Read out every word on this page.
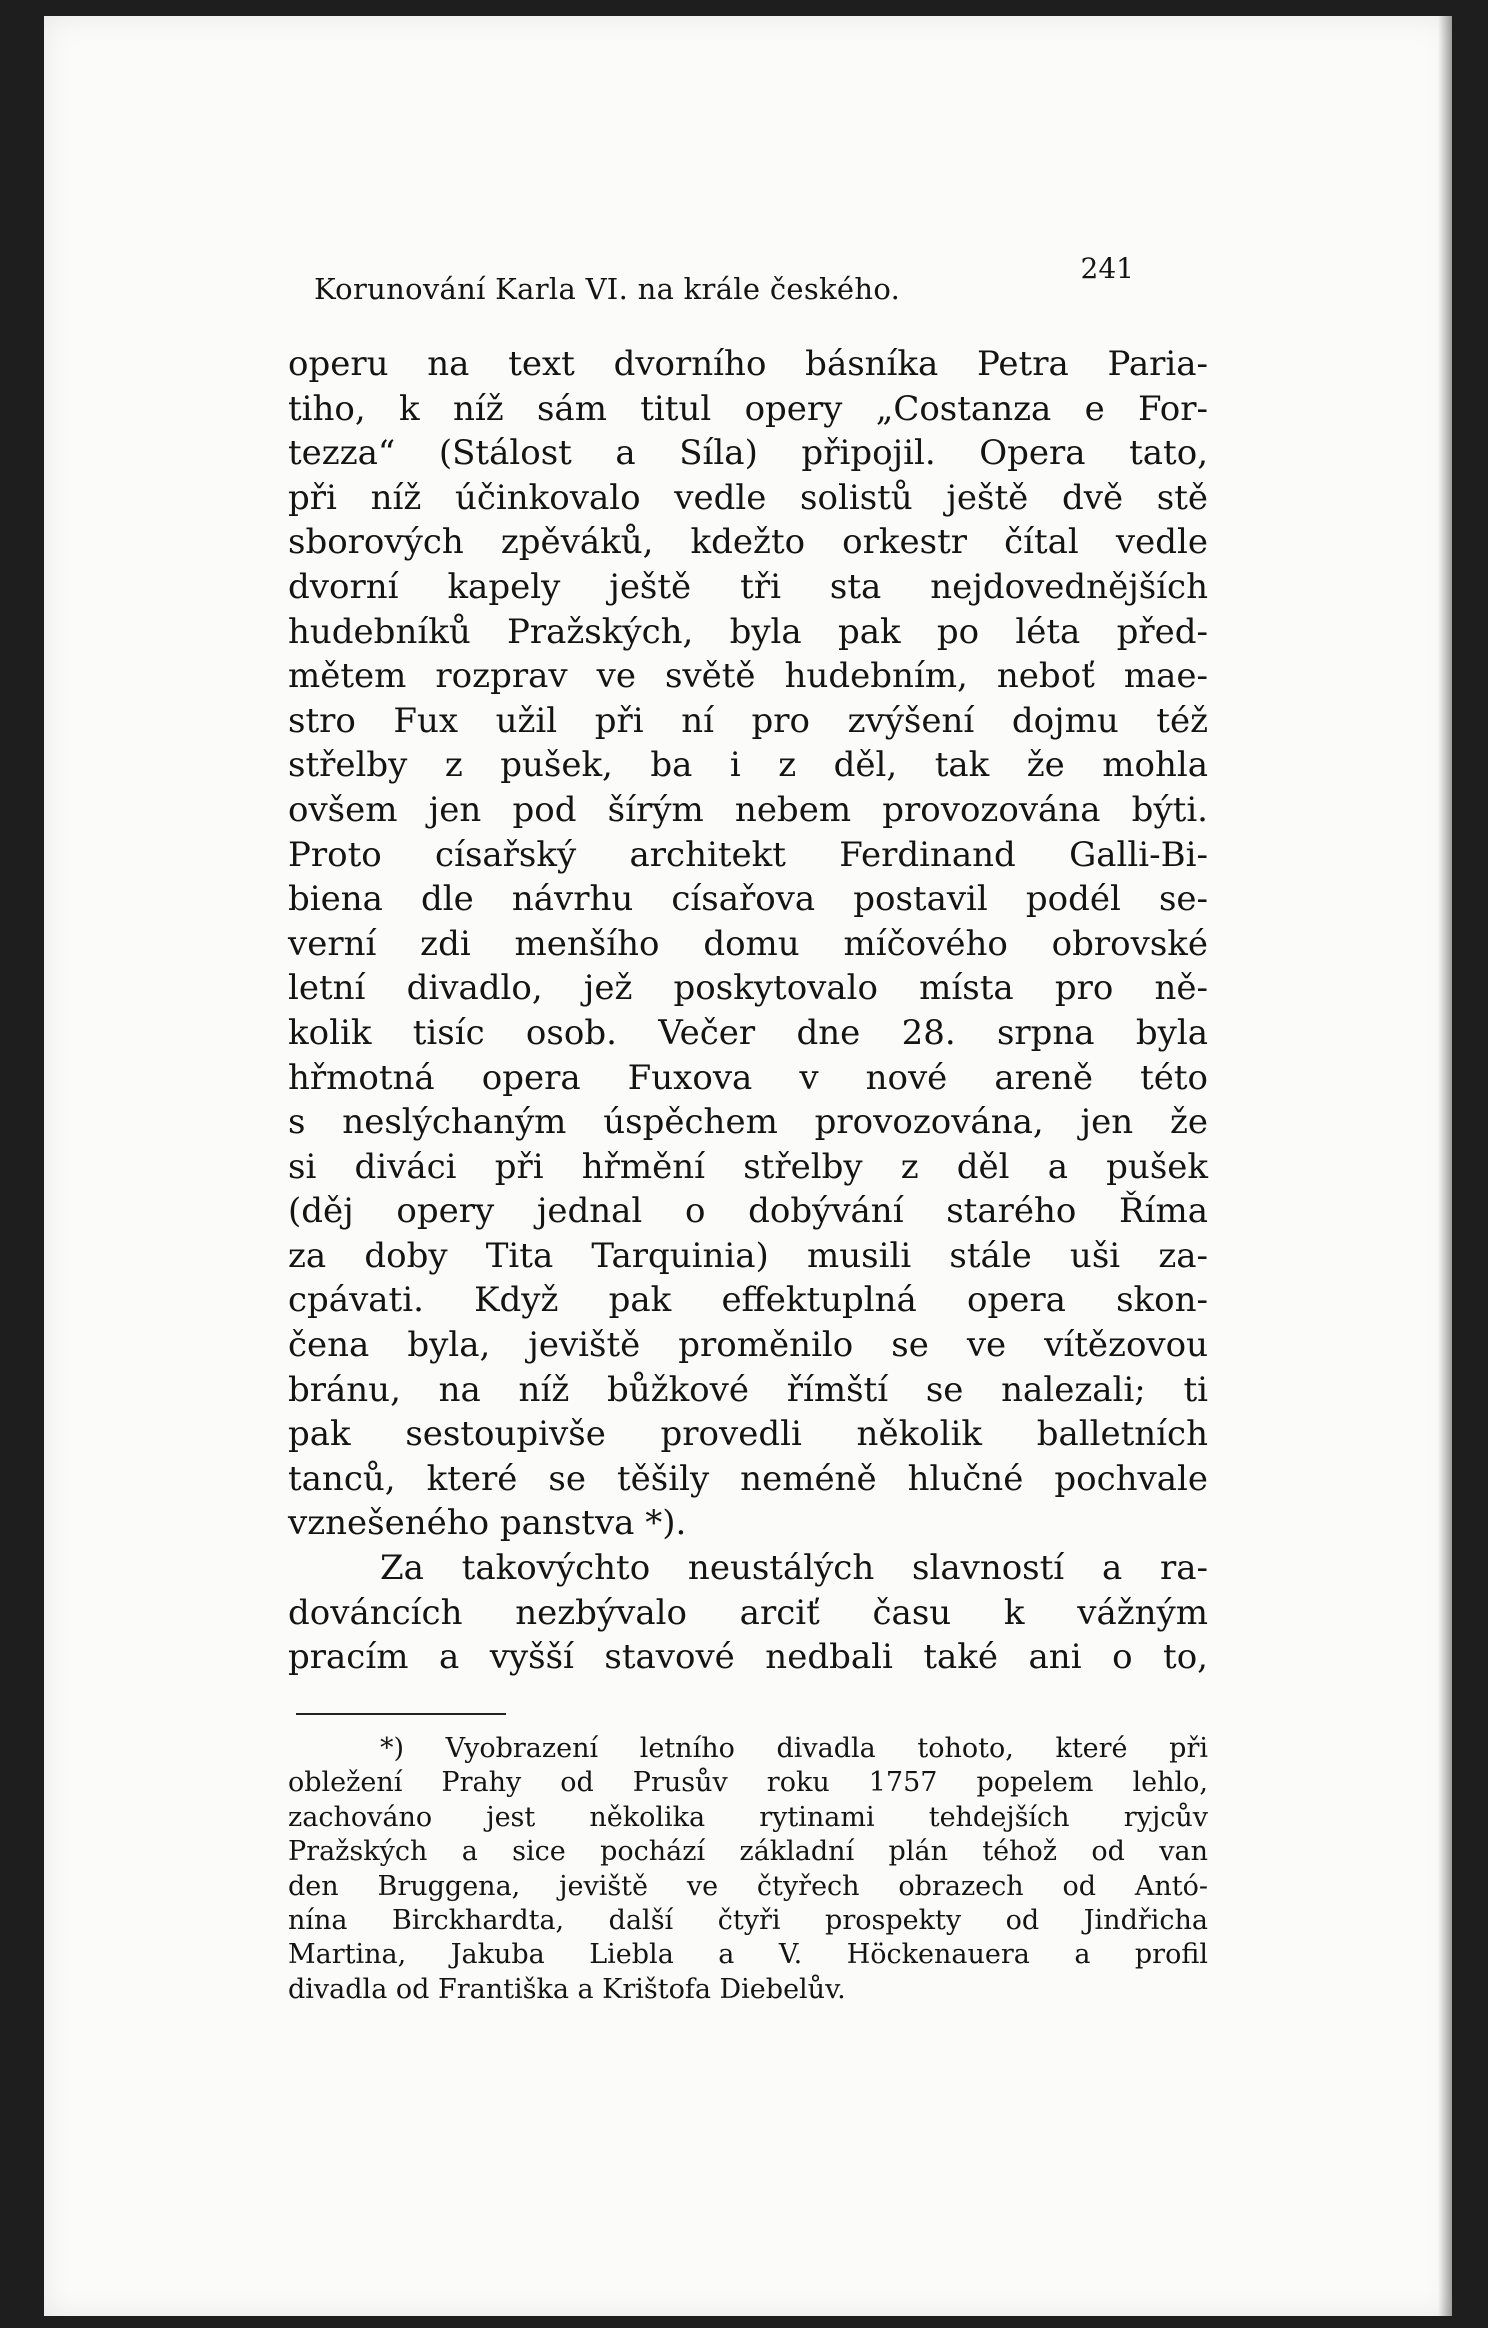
Korunování Karla VI. na krále českého.
241
operu na text dvorního básníka Petra Paria-
tiho, k níž sám titul opery „Costanza e For-
tezza“ (Stálost a Síla) připojil. Opera tato,
při níž účinkovalo vedle solistů ještě dvě stě
sborových zpěváků, kdežto orkestr čítal vedle
dvorní kapely ještě tři sta nejdovednějších
hudebníků Pražských, byla pak po léta před-
mětem rozprav ve světě hudebním, neboť mae-
stro Fux užil při ní pro zvýšení dojmu též
střelby z pušek, ba i z děl, tak že mohla
ovšem jen pod šírým nebem provozována býti.
Proto císařský architekt Ferdinand Galli-Bi-
biena dle návrhu císařova postavil podél se-
verní zdi menšího domu míčového obrovské
letní divadlo, jež poskytovalo místa pro ně-
kolik tisíc osob. Večer dne 28. srpna byla
hřmotná opera Fuxova v nové areně této
s neslýchaným úspěchem provozována, jen že
si diváci při hřmění střelby z děl a pušek
(děj opery jednal o dobývání starého Říma
za doby Tita Tarquinia) musili stále uši za-
cpávati. Když pak effektuplná opera skon-
čena byla, jeviště proměnilo se ve vítězovou
bránu, na níž bůžkové římští se nalezali; ti
pak sestoupivše provedli několik balletních
tanců, které se těšily neméně hlučné pochvale
vznešeného panstva *).
Za takovýchto neustálých slavností a ra-
dováncích nezbývalo arciť času k vážným
pracím a vyšší stavové nedbali také ani o to,
*) Vyobrazení letního divadla tohoto, které při
obležení Prahy od Prusův roku 1757 popelem lehlo,
zachováno jest několika rytinami tehdejších ryjcův
Pražských a sice pochází základní plán téhož od van
den Bruggena, jeviště ve čtyřech obrazech od Antó-
nína Birckhardta, další čtyři prospekty od Jindřicha
Martina, Jakuba Liebla a V. Höckenauera a profil
divadla od Františka a Krištofa Diebelův.
